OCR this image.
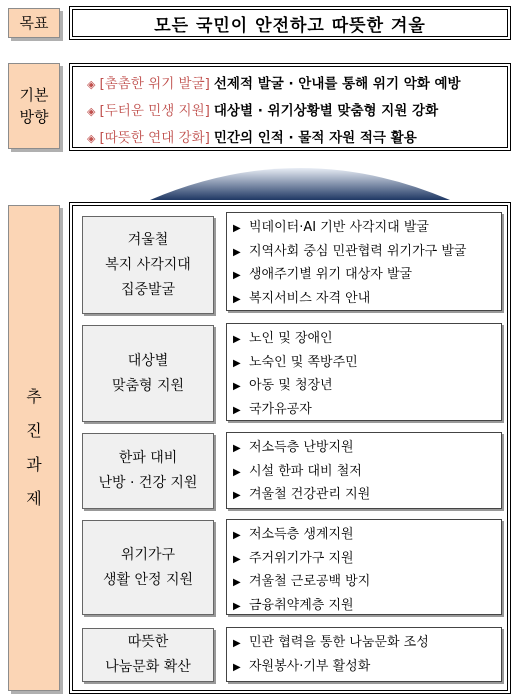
목표	모든 국민이 안전하고 따뜻한 겨울
기본
방향
◈ [촘촘한 위기 발굴] 선제적 발굴 · 안내를 통해 위기 악화 예방
◈ [두터운 민생 지원] 대상별 · 위기상황별 맞춤형 지원 강화
◈ [따뜻한 연대 강화] 민간의 인적 · 물적 자원 적극 활용
추
진
과
제
겨울철
복지 사각지대
집중발굴
▶ 빅데이터·AI 기반 사각지대 발굴
▶ 지역사회 중심 민관협력 위기가구 발굴
▶ 생애주기별 위기 대상자 발굴
▶ 복지서비스 자격 안내
대상별
맞춤형 지원
▶ 노인 및 장애인
▶ 노숙인 및 쪽방주민
▶ 아동 및 청장년
▶ 국가유공자
한파 대비
난방 · 건강 지원
▶ 저소득층 난방지원
▶ 시설 한파 대비 철저
▶ 겨울철 건강관리 지원
위기가구
생활 안정 지원
▶ 저소득층 생계지원
▶ 주거위기가구 지원
▶ 겨울철 근로공백 방지
▶ 금융취약계층 지원
따뜻한
나눔문화 확산
▶ 민관 협력을 통한 나눔문화 조성
▶ 자원봉사·기부 활성화
